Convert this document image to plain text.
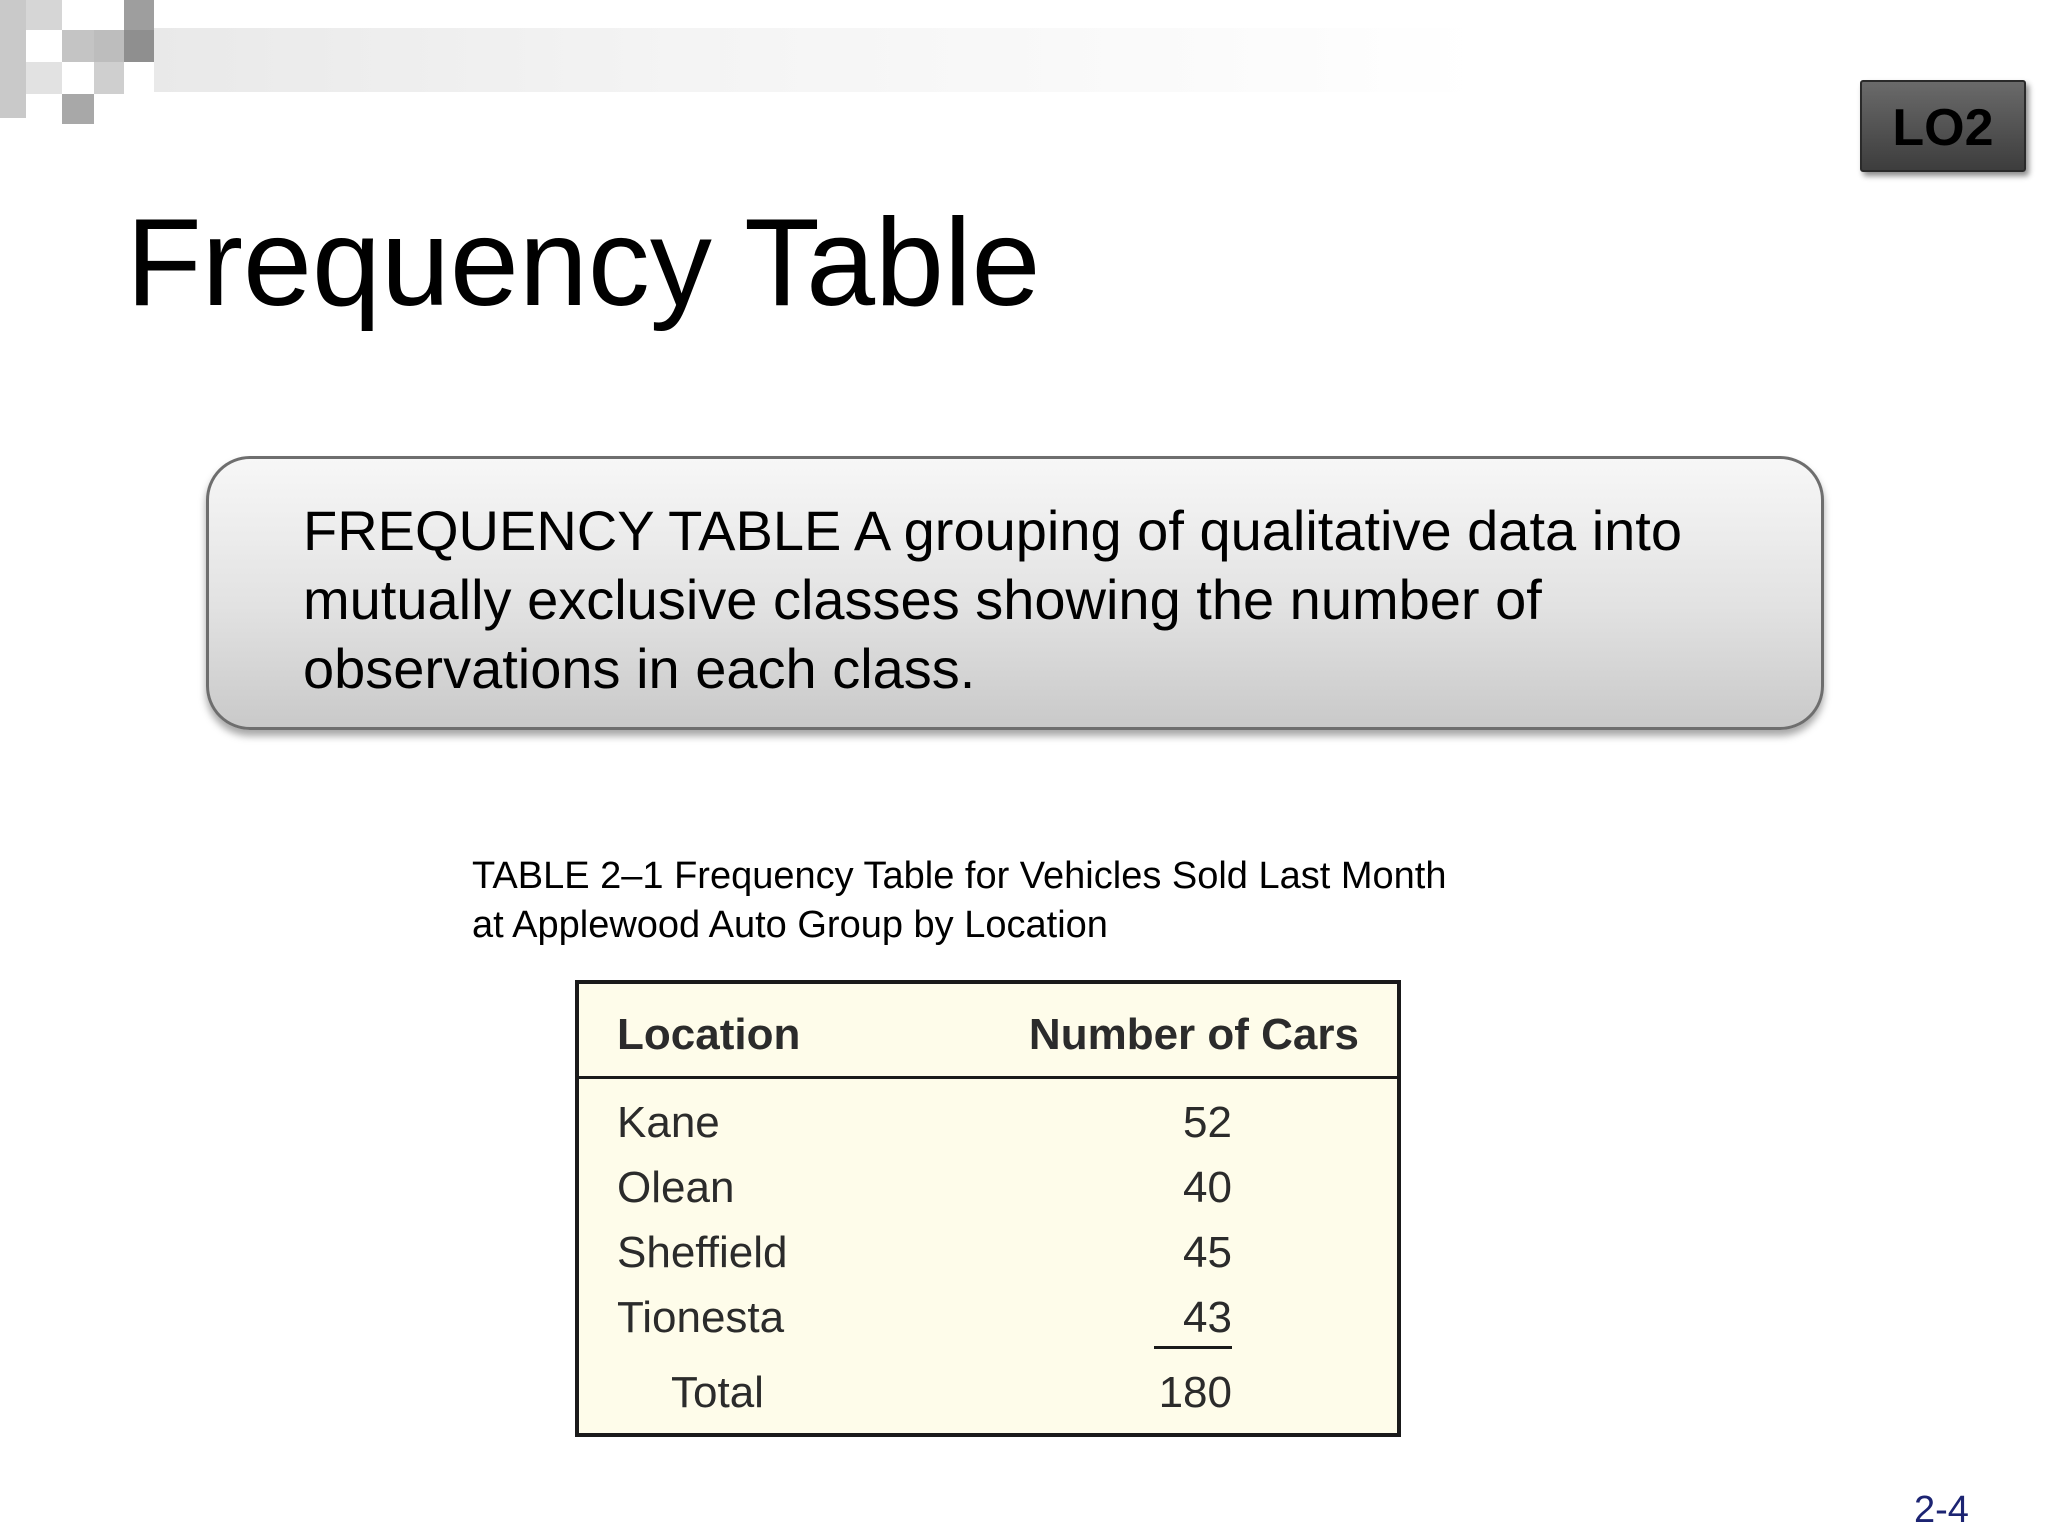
LO2
Frequency Table
FREQUENCY TABLE A grouping of qualitative data into mutually exclusive classes showing the number of observations in each class.
TABLE 2–1 Frequency Table for Vehicles Sold Last Month
at Applewood Auto Group by Location
Location	Number of Cars
Kane	52
Olean	40
Sheffield	45
Tionesta	43
Total	180
2-4
